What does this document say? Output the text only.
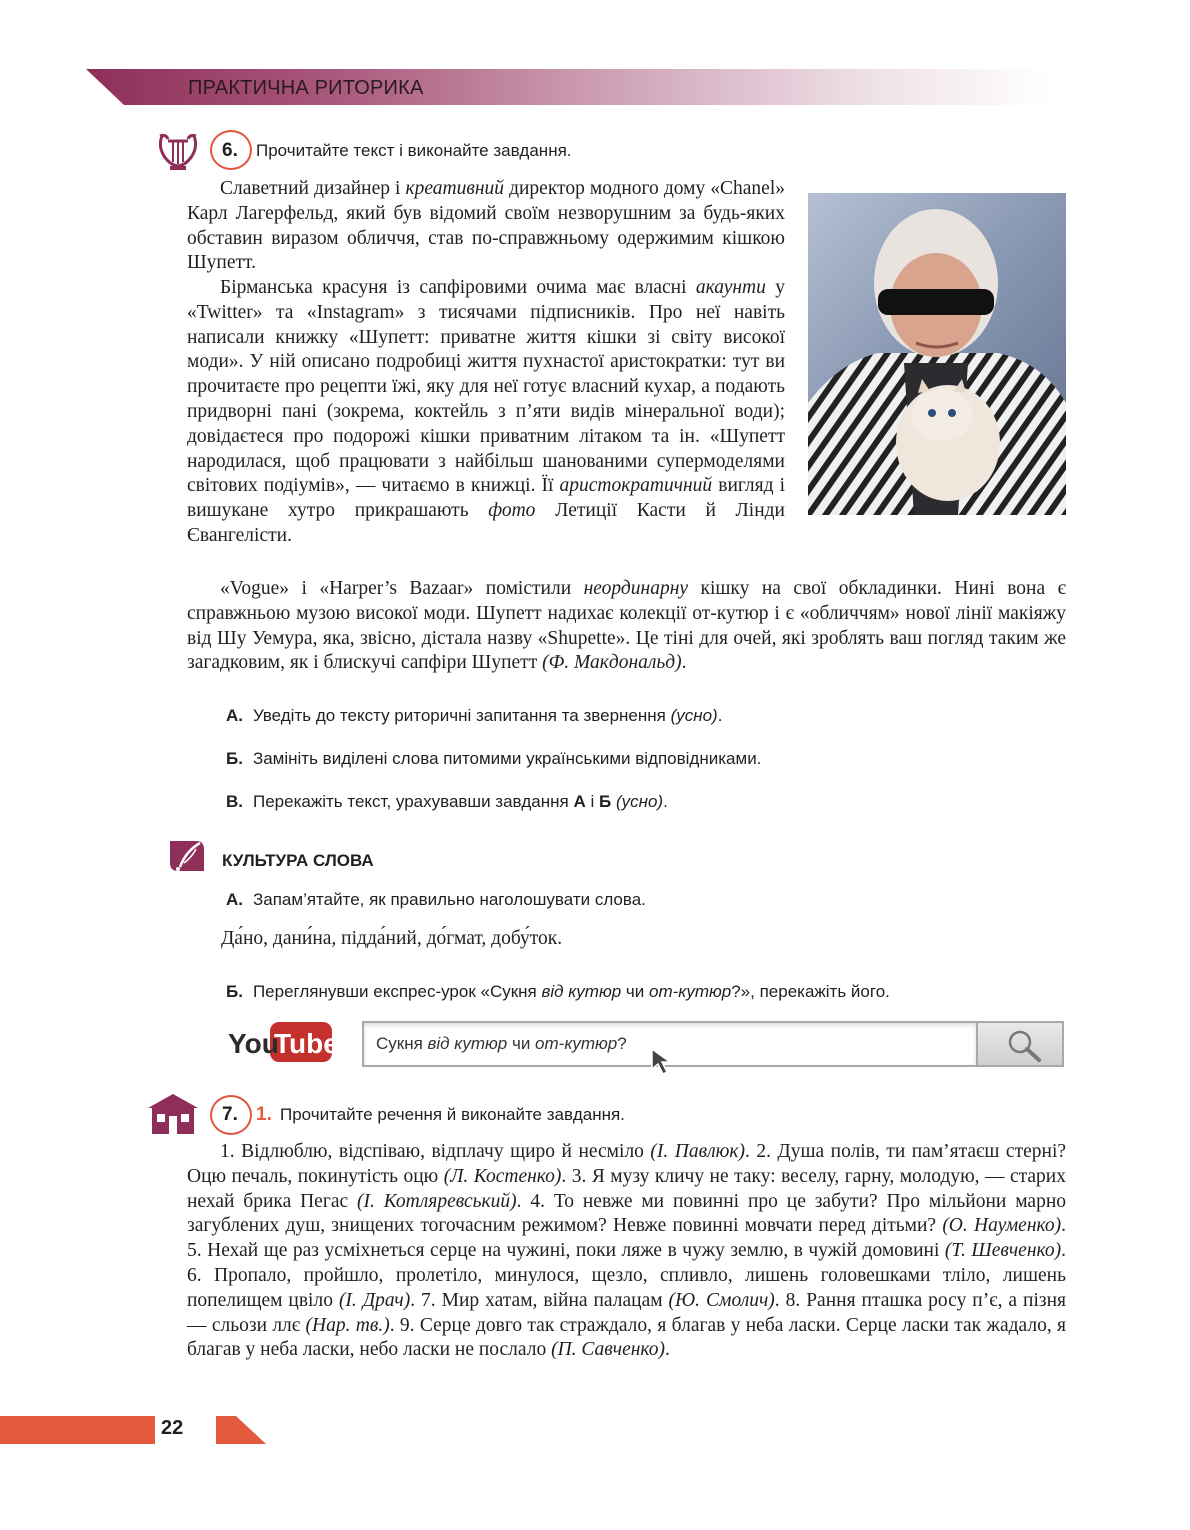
ПРАКТИЧНА РИТОРИКА
6. Прочитайте текст і виконайте завдання.

Славетний дизайнер і креативний директор модного дому «Chanel» Карл Лагерфельд, який був відомий своїм незворушним за будь-яких обставин виразом обличчя, став по-справжньому одержимим кішкою Шупетт.

Бірманська красуня із сапфіровими очима має власні акаунти у «Twitter» та «Instagram» з тисячами підписників. Про неї навіть написали книжку «Шупетт: приватне життя кішки зі світу високої моди». У ній описано подробиці життя пухнастої аристократки: тут ви прочитаєте про рецепти їжі, яку для неї готує власний кухар, а подають придворні пані (зокрема, коктейль з п’яти видів мінеральної води); довідаєтеся про подорожі кішки приватним літаком та ін. «Шупетт народилася, щоб працювати з найбільш шанованими супермоделями світових подіумів», — читаємо в книжці. Її аристократичний вигляд і вишукане хутро прикрашають фото Летиції Касти й Лінди Євангелісти.

«Vogue» і «Harper’s Bazaar» помістили неординарну кішку на свої обкладинки. Нині вона є справжньою музою високої моди. Шупетт надихає колекції от-кутюр і є «обличчям» нової лінії макіяжу від Шу Уемура, яка, звісно, дістала назву «Shupette». Це тіні для очей, які зроблять ваш погляд таким же загадковим, як і блискучі сапфіри Шупетт (Ф. Макдональд).

А. Уведіть до тексту риторичні запитання та звернення (усно).
Б. Замініть виділені слова питомими українськими відповідниками.
В. Перекажіть текст, урахувавши завдання А і Б (усно).
КУЛЬТУРА СЛОВА
А. Запам’ятайте, як правильно наголошувати слова.
Да́но, дани́на, підда́ний, до́гмат, добу́ток.
Б. Переглянувши експрес-урок «Сукня від кутюр чи от-кутюр?», перекажіть його.
You
Tube Сукня від кутюр чи от-кутюр?
7. 1. Прочитайте речення й виконайте завдання.

1. Відлюблю, відспіваю, відплачу щиро й несміло (І. Павлюк). 2. Душа полів, ти пам’ятаєш стерні? Оцю печаль, покинутість оцю (Л. Костенко). 3. Я музу кличу не таку: веселу, гарну, молодую, — старих нехай брика Пегас (І. Котляревський). 4. То невже ми повинні про це забути? Про мільйони марно загублених душ, знищених тогочасним режимом? Невже повинні мовчати перед дітьми? (О. Науменко). 5. Нехай ще раз усміхнеться серце на чужині, поки ляже в чужу землю, в чужій домовині (Т. Шевченко). 6. Пропало, пройшло, пролетіло, минулося, щезло, спливло, лишень головешками тліло, лишень попелищем цвіло (І. Драч). 7. Мир хатам, війна палацам (Ю. Смолич). 8. Рання пташка росу п’є, а пізня — сльози ллє (Нар. тв.). 9. Серце довго так страждало, я благав у неба ласки. Серце ласки так жадало, я благав у неба ласки, небо ласки не послало (П. Савченко).

22
